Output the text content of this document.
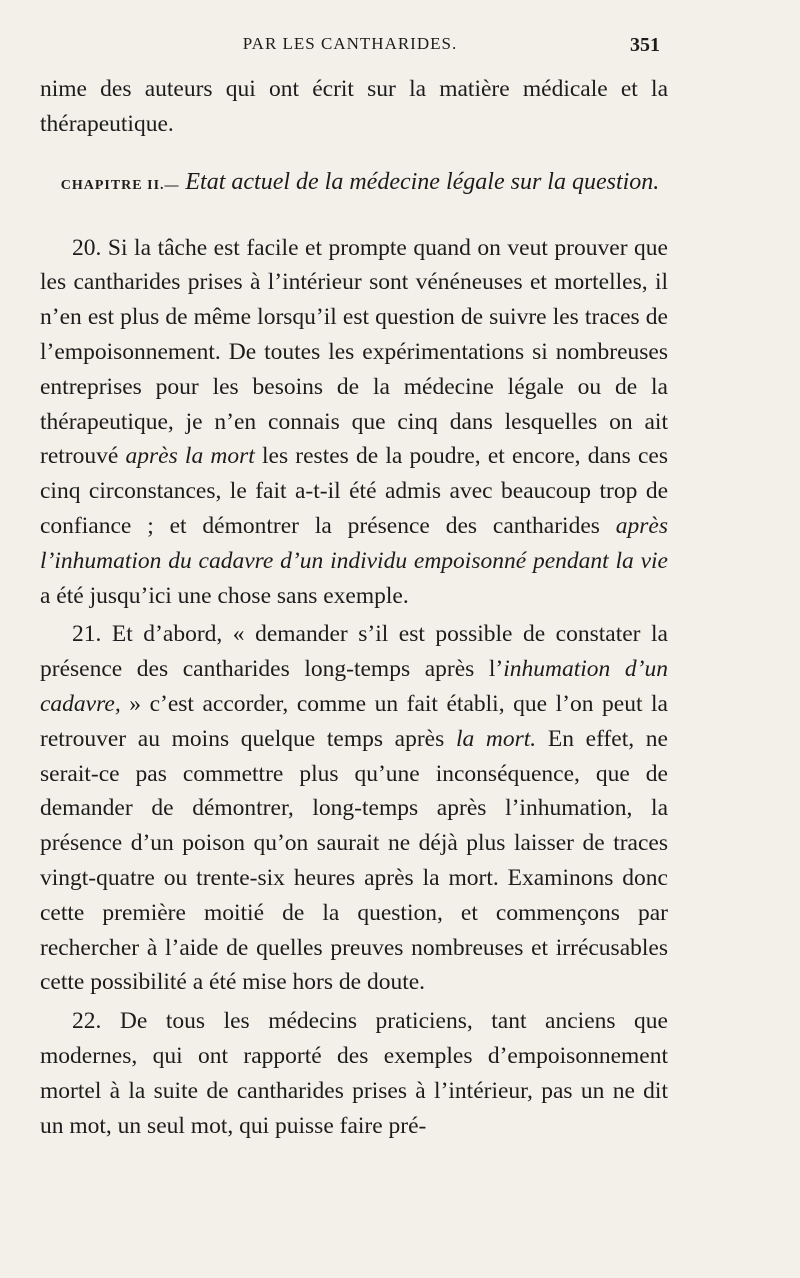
PAR LES CANTHARIDES.	351

nime des auteurs qui ont écrit sur la matière médicale et la thérapeutique.

CHAPITRE II.— Etat actuel de la médecine légale sur la question.

20. Si la tâche est facile et prompte quand on veut prouver que les cantharides prises à l’intérieur sont vénéneuses et mortelles, il n’en est plus de même lorsqu’il est question de suivre les traces de l’empoisonnement. De toutes les expérimentations si nombreuses entreprises pour les besoins de la médecine légale ou de la thérapeutique, je n’en connais que cinq dans lesquelles on ait retrouvé après la mort les restes de la poudre, et encore, dans ces cinq circonstances, le fait a-t-il été admis avec beaucoup trop de confiance ; et démontrer la présence des cantharides après l’inhumation du cadavre d’un individu empoisonné pendant la vie a été jusqu’ici une chose sans exemple.

21. Et d’abord, « demander s’il est possible de constater la présence des cantharides long-temps après l’inhumation d’un cadavre, » c’est accorder, comme un fait établi, que l’on peut la retrouver au moins quelque temps après la mort. En effet, ne serait-ce pas commettre plus qu’une inconséquence, que de demander de démontrer, long-temps après l’inhumation, la présence d’un poison qu’on saurait ne déjà plus laisser de traces vingt-quatre ou trente-six heures après la mort. Examinons donc cette première moitié de la question, et commençons par rechercher à l’aide de quelles preuves nombreuses et irrécusables cette possibilité a été mise hors de doute.

22. De tous les médecins praticiens, tant anciens que modernes, qui ont rapporté des exemples d’empoisonnement mortel à la suite de cantharides prises à l’intérieur, pas un ne dit un mot, un seul mot, qui puisse faire pré-
